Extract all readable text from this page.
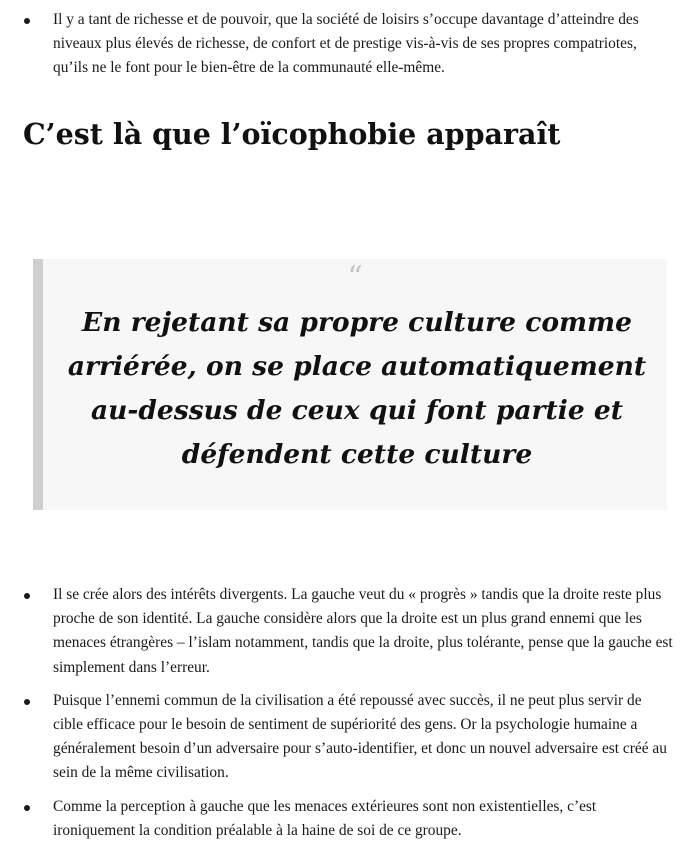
Il y a tant de richesse et de pouvoir, que la société de loisirs s’occupe davantage d’atteindre des niveaux plus élevés de richesse, de confort et de prestige vis-à-vis de ses propres compatriotes, qu’ils ne le font pour le bien-être de la communauté elle-même.
C’est là que l’oïcophobie apparaît
“

En rejetant sa propre culture comme arriérée, on se place automatiquement au-dessus de ceux qui font partie et défendent cette culture

Il se crée alors des intérêts divergents. La gauche veut du « progrès » tandis que la droite reste plus proche de son identité. La gauche considère alors que la droite est un plus grand ennemi que les menaces étrangères – l’islam notamment, tandis que la droite, plus tolérante, pense que la gauche est simplement dans l’erreur.
Puisque l’ennemi commun de la civilisation a été repoussé avec succès, il ne peut plus servir de cible efficace pour le besoin de sentiment de supériorité des gens. Or la psychologie humaine a généralement besoin d’un adversaire pour s’auto-identifier, et donc un nouvel adversaire est créé au sein de la même civilisation.
Comme la perception à gauche que les menaces extérieures sont non existentielles, c’est ironiquement la condition préalable à la haine de soi de ce groupe.
